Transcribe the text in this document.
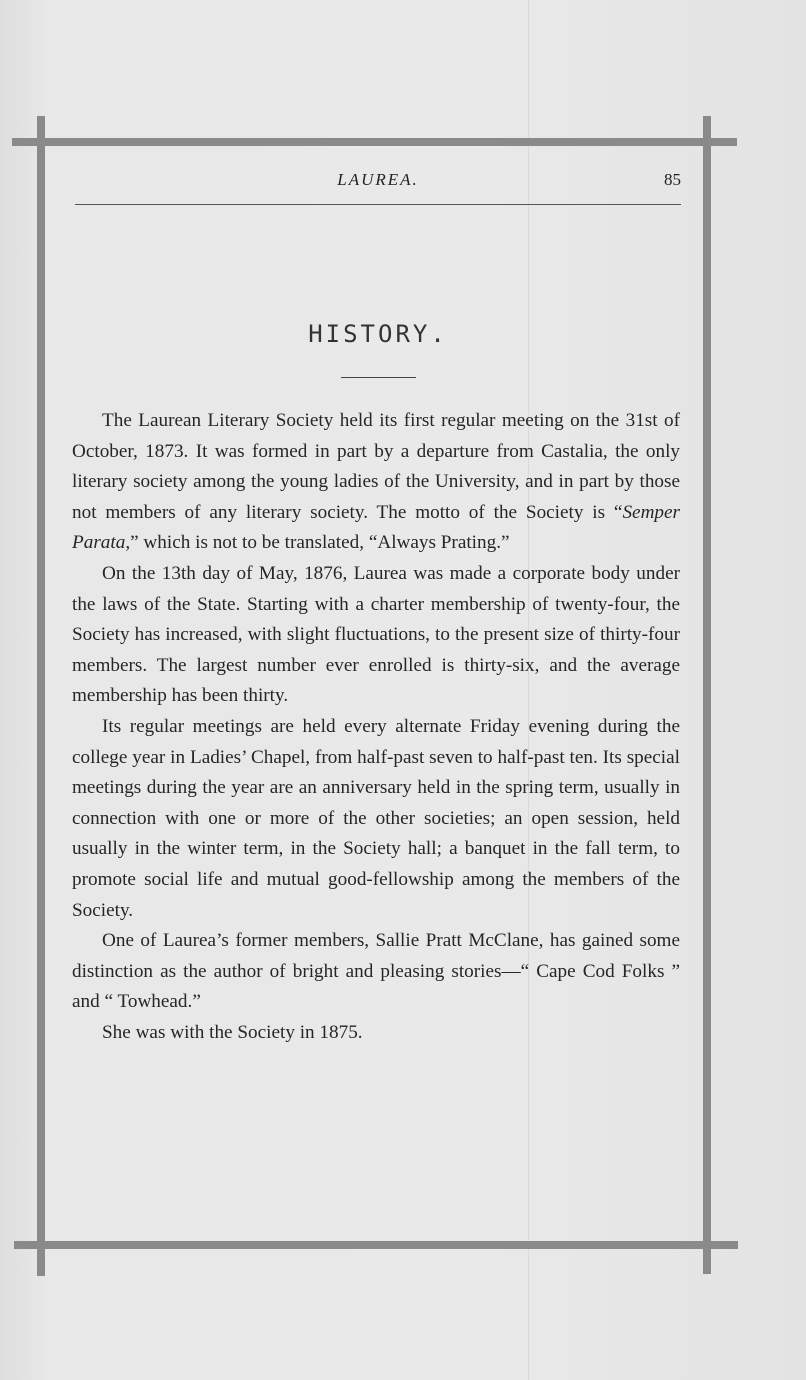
LAUREA.	85
HISTORY.

The Laurean Literary Society held its first regular meeting on the 31st of October, 1873. It was formed in part by a departure from Castalia, the only literary society among the young ladies of the University, and in part by those not members of any literary society. The motto of the Society is “Semper Parata,” which is not to be translated, “Always Prating.”

On the 13th day of May, 1876, Laurea was made a corporate body under the laws of the State. Starting with a charter membership of twenty-four, the Society has increased, with slight fluctuations, to the present size of thirty-four members. The largest number ever enrolled is thirty-six, and the average membership has been thirty.

Its regular meetings are held every alternate Friday evening during the college year in Ladies’ Chapel, from half-past seven to half-past ten. Its special meetings during the year are an anniversary held in the spring term, usually in connection with one or more of the other societies; an open session, held usually in the winter term, in the Society hall; a banquet in the fall term, to promote social life and mutual good-fellowship among the members of the Society.

One of Laurea’s former members, Sallie Pratt McClane, has gained some distinction as the author of bright and pleasing stories—“ Cape Cod Folks ” and “ Towhead.”

She was with the Society in 1875.
